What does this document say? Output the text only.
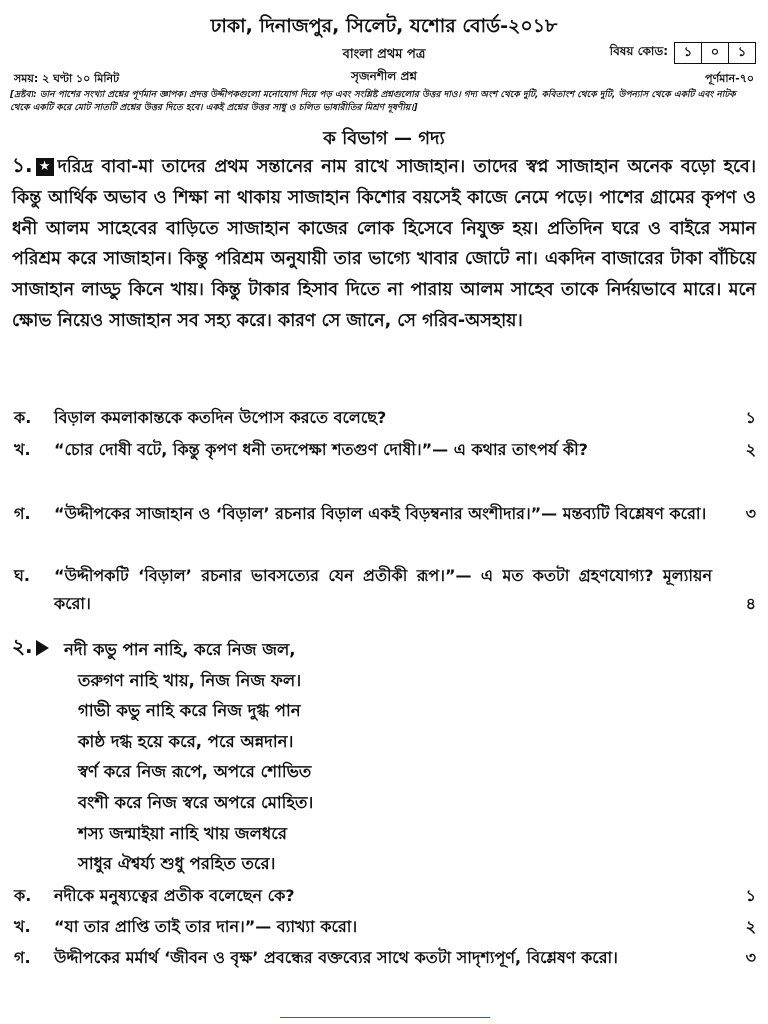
ঢাকা, দিনাজপুর, সিলেট, যশোর বোর্ড-২০১৮
বাংলা প্রথম পত্র	বিষয় কোড:	১	০	১
সময়: ২ ঘণ্টা ১০ মিনিট	সৃজনশীল প্রশ্ন	পূর্ণমান-৭০
[দ্রষ্টব্য: ডান পাশের সংখ্যা প্রশ্নের পূর্ণমান জ্ঞাপক। প্রদত্ত উদ্দীপকগুলো মনোযোগ দিয়ে পড় এবং সংশ্লিষ্ট প্রশ্নগুলোর উত্তর দাও। গদ্য অংশ থেকে দুটি, কবিতাংশ থেকে দুটি, উপন্যাস থেকে একটি এবং নাটক থেকে একটি করে মোট সাতটি প্রশ্নের উত্তর দিতে হবে। একই প্রশ্নের উত্তর সাধু ও চলিত ভাষারীতির মিশ্রণ দূষণীয়।]
ক বিভাগ — গদ্য
১. ★ দরিদ্র বাবা-মা তাদের প্রথম সন্তানের নাম রাখে সাজাহান। তাদের স্বপ্ন সাজাহান অনেক বড়ো হবে। কিন্তু আর্থিক অভাব ও শিক্ষা না থাকায় সাজাহান কিশোর বয়সেই কাজে নেমে পড়ে। পাশের গ্রামের কৃপণ ও ধনী আলম সাহেবের বাড়িতে সাজাহান কাজের লোক হিসেবে নিযুক্ত হয়। প্রতিদিন ঘরে ও বাইরে সমান পরিশ্রম করে সাজাহান। কিন্তু পরিশ্রম অনুযায়ী তার ভাগ্যে খাবার জোটে না। একদিন বাজারের টাকা বাঁচিয়ে সাজাহান লাড্ডু কিনে খায়। কিন্তু টাকার হিসাব দিতে না পারায় আলম সাহেব তাকে নির্দয়ভাবে মারে। মনে ক্ষোভ নিয়েও সাজাহান সব সহ্য করে। কারণ সে জানে, সে গরিব-অসহায়।
ক.	বিড়াল কমলাকান্তকে কতদিন উপোস করতে বলেছে?	১
খ.	“চোর দোষী বটে, কিন্তু কৃপণ ধনী তদপেক্ষা শতগুণ দোষী।”— এ কথার তাৎপর্য কী?	২
গ.	“উদ্দীপকের সাজাহান ও ‘বিড়াল’ রচনার বিড়াল একই বিড়ম্বনার অংশীদার।”— মন্তব্যটি বিশ্লেষণ করো।	৩
ঘ.	“উদ্দীপকটি ‘বিড়াল’ রচনার ভাবসত্যের যেন প্রতীকী রূপ।”— এ মত কতটা গ্রহণযোগ্য? মূল্যায়ন করো।	৪
২.	নদী কভু পান নাহি, করে নিজ জল,
তরুগণ নাহি খায়, নিজ নিজ ফল।
গাভী কভু নাহি করে নিজ দুগ্ধ পান
কাষ্ঠ দগ্ধ হয়ে করে, পরে অন্নদান।
স্বর্ণ করে নিজ রূপে, অপরে শোভিত
বংশী করে নিজ স্বরে অপরে মোহিত।
শস্য জন্মাইয়া নাহি খায় জলধরে
সাধুর ঐশ্বর্য্য শুধু পরহিত তরে।
ক.	নদীকে মনুষ্যত্বের প্রতীক বলেছেন কে?	১
খ.	“যা তার প্রাপ্তি তাই তার দান।”— ব্যাখ্যা করো।	২
গ.	উদ্দীপকের মর্মার্থ ‘জীবন ও বৃক্ষ’ প্রবন্ধের বক্তব্যের সাথে কতটা সাদৃশ্যপূর্ণ, বিশ্লেষণ করো।	৩
